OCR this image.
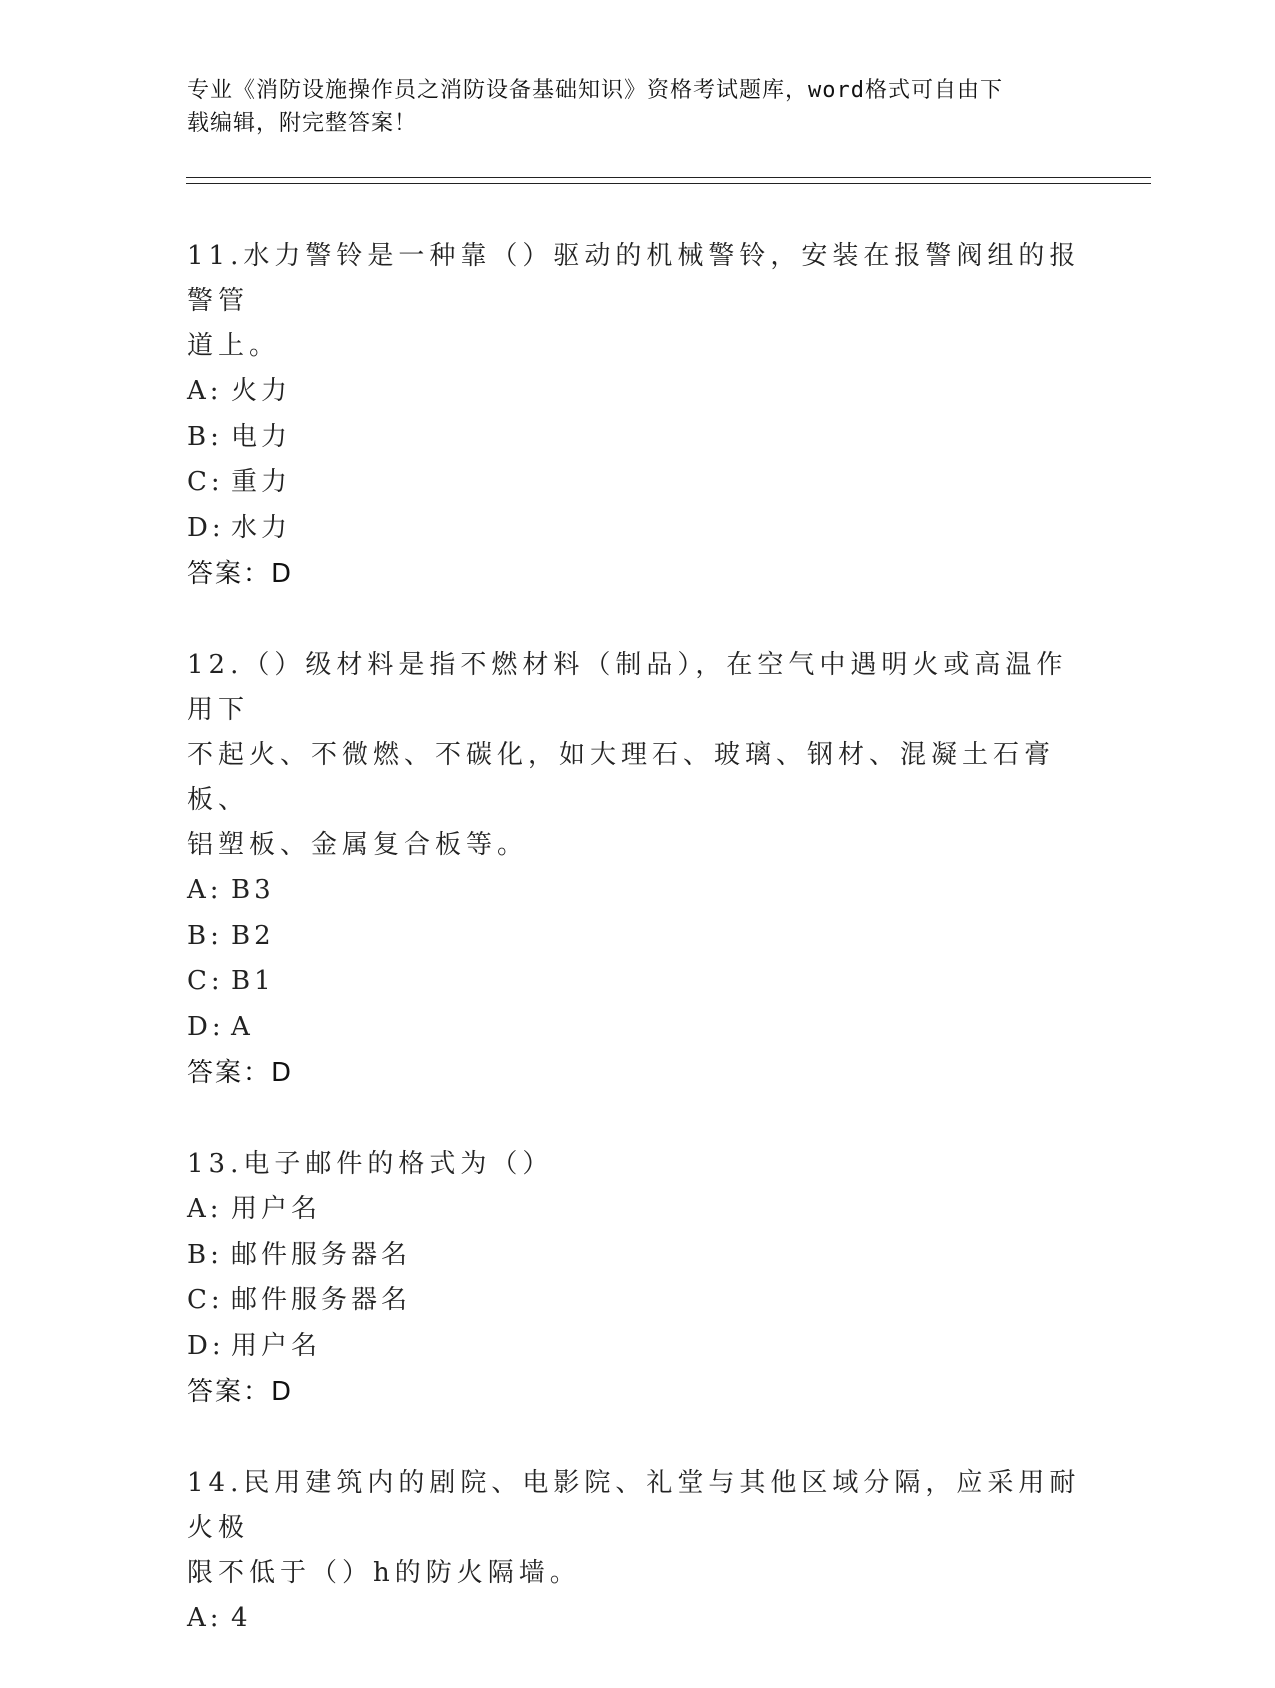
专业《消防设施操作员之消防设备基础知识》资格考试题库，word格式可自由下
载编辑，附完整答案！

11.水力警铃是一种靠（）驱动的机械警铃，安装在报警阀组的报警管
道上。

A: 火力

B: 电力

C: 重力

D: 水力

答案：D

12.（）级材料是指不燃材料（制品），在空气中遇明火或高温作用下
不起火、不微燃、不碳化，如大理石、玻璃、钢材、混凝土石膏板、
铝塑板、金属复合板等。

A: B3

B: B2

C: B1

D: A

答案：D

13.电子邮件的格式为（）

A: 用户名

B: 邮件服务器名

C: 邮件服务器名

D: 用户名

答案：D

14.民用建筑内的剧院、电影院、礼堂与其他区域分隔，应采用耐火极
限不低于（）h的防火隔墙。

A: 4
